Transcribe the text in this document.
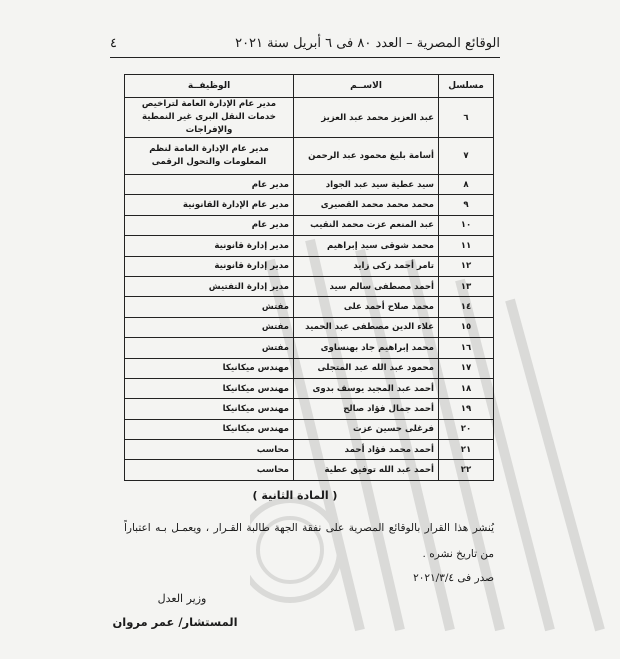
الوقائع المصرية – العدد ٨٠ فى ٦ أبريل سنة ٢٠٢١
٤
مسلسل	الاســم	الوظيفــة
٦	عبد العزيز محمد عبد العزيز	مدير عام الإدارة العامة لتراخيص خدمات النقل البرى غير النمطية والإفراجات

٧	أسامة بليغ محمود عبد الرحمن	مدير عام الإدارة العامة لنظم المعلومات والتحول الرقمى

٨	سيد عطية سيد عبد الجواد	مدير عام
٩	محمد محمد محمد القصيرى	مدير عام الإدارة القانونية
١٠	عبد المنعم عزت محمد النقيب	مدير عام
١١	محمد شوقى سيد إبراهيم	مدير إدارة قانونية
١٢	تامر أحمد زكى زايد	مدير إدارة قانونية
١٣	أحمد مصطفى سالم سيد	مدير إدارة التفتيش
١٤	محمد صلاح أحمد على	مفتش
١٥	علاء الدين مصطفى عبد الحميد	مفتش
١٦	محمد إبراهيم جاد بهنساوى	مفتش
١٧	محمود عبد الله عبد المتجلى	مهندس ميكانيكا
١٨	أحمد عبد المجيد يوسف بدوى	مهندس ميكانيكا
١٩	أحمد جمال فؤاد صالح	مهندس ميكانيكا
٢٠	فرغلى حسين عزت	مهندس ميكانيكا
٢١	أحمد محمد فؤاد أحمد	محاسب
٢٢	أحمد عبد الله توفيق عطية	محاسب
( المادة الثانية )
يُنشر هذا القرار بالوقائع المصرية على نفقة الجهة طالبة القـرار ، ويعمـل بـه اعتباراً من تاريخ نشره .
صدر فى ٢٠٢١/٣/٤
وزير العدل
المستشار/ عمر مروان
